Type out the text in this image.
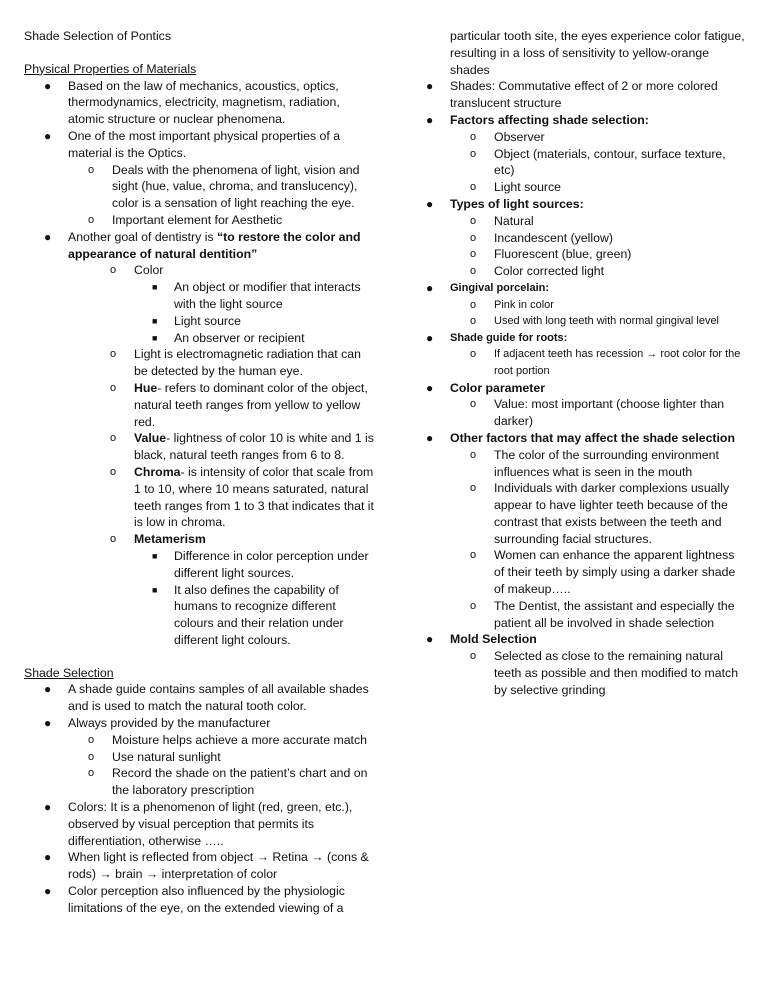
Shade Selection of Pontics
Physical Properties of Materials
● Based on the law of mechanics, acoustics, optics, thermodynamics, electricity, magnetism, radiation, atomic structure or nuclear phenomena.
● One of the most important physical properties of a material is the Optics.
o Deals with the phenomena of light, vision and sight (hue, value, chroma, and translucency), color is a sensation of light reaching the eye.
o Important element for Aesthetic
● Another goal of dentistry is “to restore the color and appearance of natural dentition”
o Color
■ An object or modifier that interacts with the light source
■ Light source
■ An observer or recipient
o Light is electromagnetic radiation that can be detected by the human eye.
o Hue- refers to dominant color of the object, natural teeth ranges from yellow to yellow red.
o Value- lightness of color 10 is white and 1 is black, natural teeth ranges from 6 to 8.
o Chroma- is intensity of color that scale from 1 to 10, where 10 means saturated, natural teeth ranges from 1 to 3 that indicates that it is low in chroma.
o Metamerism
■ Difference in color perception under different light sources.
■ It also defines the capability of humans to recognize different colours and their relation under different light colours.
Shade Selection
● A shade guide contains samples of all available shades and is used to match the natural tooth color.
● Always provided by the manufacturer
o Moisture helps achieve a more accurate match
o Use natural sunlight
o Record the shade on the patient’s chart and on the laboratory prescription
● Colors: It is a phenomenon of light (red, green, etc.), observed by visual perception that permits its differentiation, otherwise …..
● When light is reflected from object → Retina → (cons & rods) → brain → interpretation of color
● Color perception also influenced by the physiologic limitations of the eye, on the extended viewing of a
particular tooth site, the eyes experience color fatigue, resulting in a loss of sensitivity to yellow-orange shades
● Shades: Commutative effect of 2 or more colored translucent structure
● Factors affecting shade selection:
o Observer
o Object (materials, contour, surface texture, etc)
o Light source
● Types of light sources:
o Natural
o Incandescent (yellow)
o Fluorescent (blue, green)
o Color corrected light
● Gingival porcelain:
o Pink in color
o Used with long teeth with normal gingival level
● Shade guide for roots:
o If adjacent teeth has recession → root color for the root portion
● Color parameter
o Value: most important (choose lighter than darker)
● Other factors that may affect the shade selection
o The color of the surrounding environment influences what is seen in the mouth
o Individuals with darker complexions usually appear to have lighter teeth because of the contrast that exists between the teeth and surrounding facial structures.
o Women can enhance the apparent lightness of their teeth by simply using a darker shade of makeup…..
o The Dentist, the assistant and especially the patient all be involved in shade selection
● Mold Selection
o Selected as close to the remaining natural teeth as possible and then modified to match by selective grinding
